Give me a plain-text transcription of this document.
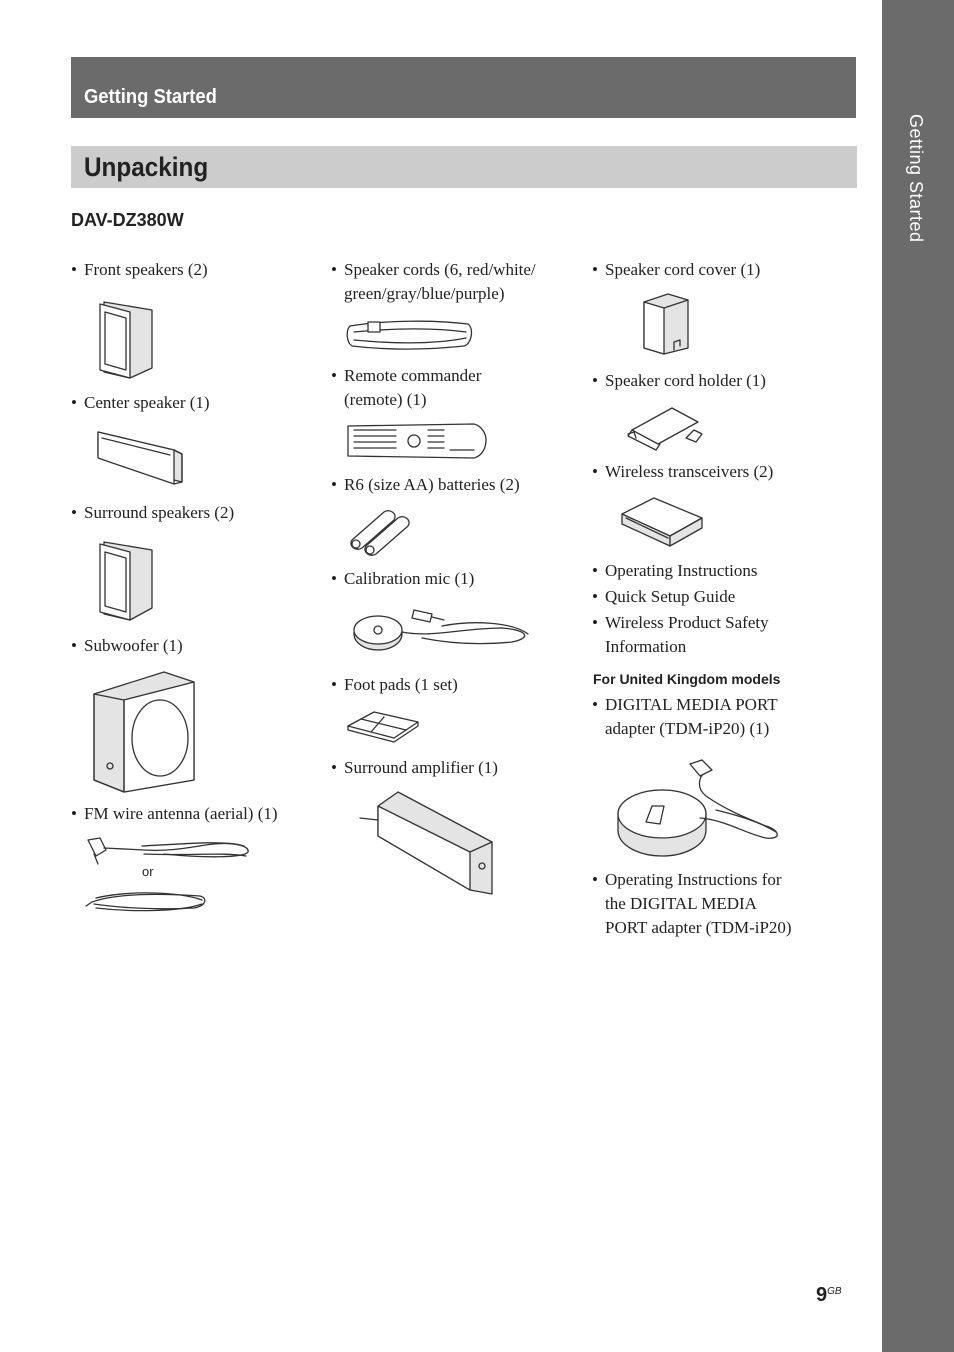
Getting Started
Getting Started
Unpacking
DAV-DZ380W
• Front speakers (2)
• Center speaker (1)
• Surround speakers (2)
• Subwoofer (1)
• FM wire antenna (aerial) (1)
or
• Speaker cords (6, red/white/
green/gray/blue/purple)
• Remote commander
(remote) (1)
• R6 (size AA) batteries (2)
• Calibration mic (1)
• Foot pads (1 set)
• Surround amplifier (1)
• Speaker cord cover (1)
• Speaker cord holder (1)
• Wireless transceivers (2)
• Operating Instructions
• Quick Setup Guide
• Wireless Product Safety
Information
For United Kingdom models
• DIGITAL MEDIA PORT
adapter (TDM-iP20) (1)
• Operating Instructions for
the DIGITAL MEDIA
PORT adapter (TDM-iP20)
$9^{GB}$
